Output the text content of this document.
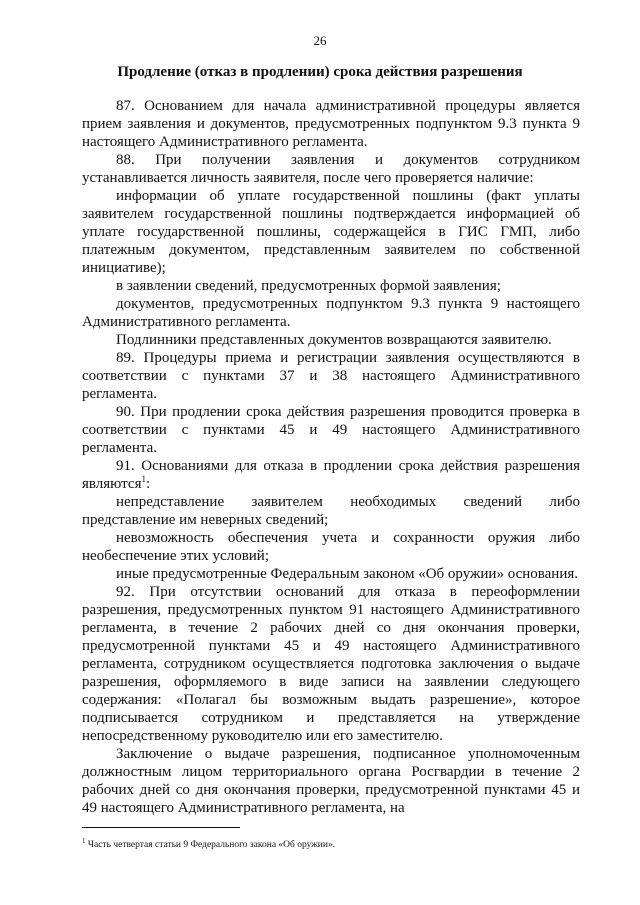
26
Продление (отказ в продлении) срока действия разрешения

87. Основанием для начала административной процедуры является прием заявления и документов, предусмотренных подпунктом 9.3 пункта 9 настоящего Административного регламента.

88. При получении заявления и документов сотрудником устанавливается личность заявителя, после чего проверяется наличие:

информации об уплате государственной пошлины (факт уплаты заявителем государственной пошлины подтверждается информацией об уплате государственной пошлины, содержащейся в ГИС ГМП, либо платежным документом, представленным заявителем по собственной инициативе);

в заявлении сведений, предусмотренных формой заявления;

документов, предусмотренных подпунктом 9.3 пункта 9 настоящего Административного регламента.

Подлинники представленных документов возвращаются заявителю.

89. Процедуры приема и регистрации заявления осуществляются в соответствии с пунктами 37 и 38 настоящего Административного регламента.

90. При продлении срока действия разрешения проводится проверка в соответствии с пунктами 45 и 49 настоящего Административного регламента.

91. Основаниями для отказа в продлении срока действия разрешения являются$^1$:

непредставление заявителем необходимых сведений либо представление им неверных сведений;

невозможность обеспечения учета и сохранности оружия либо необеспечение этих условий;

иные предусмотренные Федеральным законом «Об оружии» основания.

92. При отсутствии оснований для отказа в переоформлении разрешения, предусмотренных пунктом 91 настоящего Административного регламента, в течение 2 рабочих дней со дня окончания проверки, предусмотренной пунктами 45 и 49 настоящего Административного регламента, сотрудником осуществляется подготовка заключения о выдаче разрешения, оформляемого в виде записи на заявлении следующего содержания: «Полагал бы возможным выдать разрешение», которое подписывается сотрудником и представляется на утверждение непосредственному руководителю или его заместителю.

Заключение о выдаче разрешения, подписанное уполномоченным должностным лицом территориального органа Росгвардии в течение 2 рабочих дней со дня окончания проверки, предусмотренной пунктами 45 и 49 настоящего Административного регламента, на

$^1$ Часть четвертая статьи 9 Федерального закона «Об оружии».
